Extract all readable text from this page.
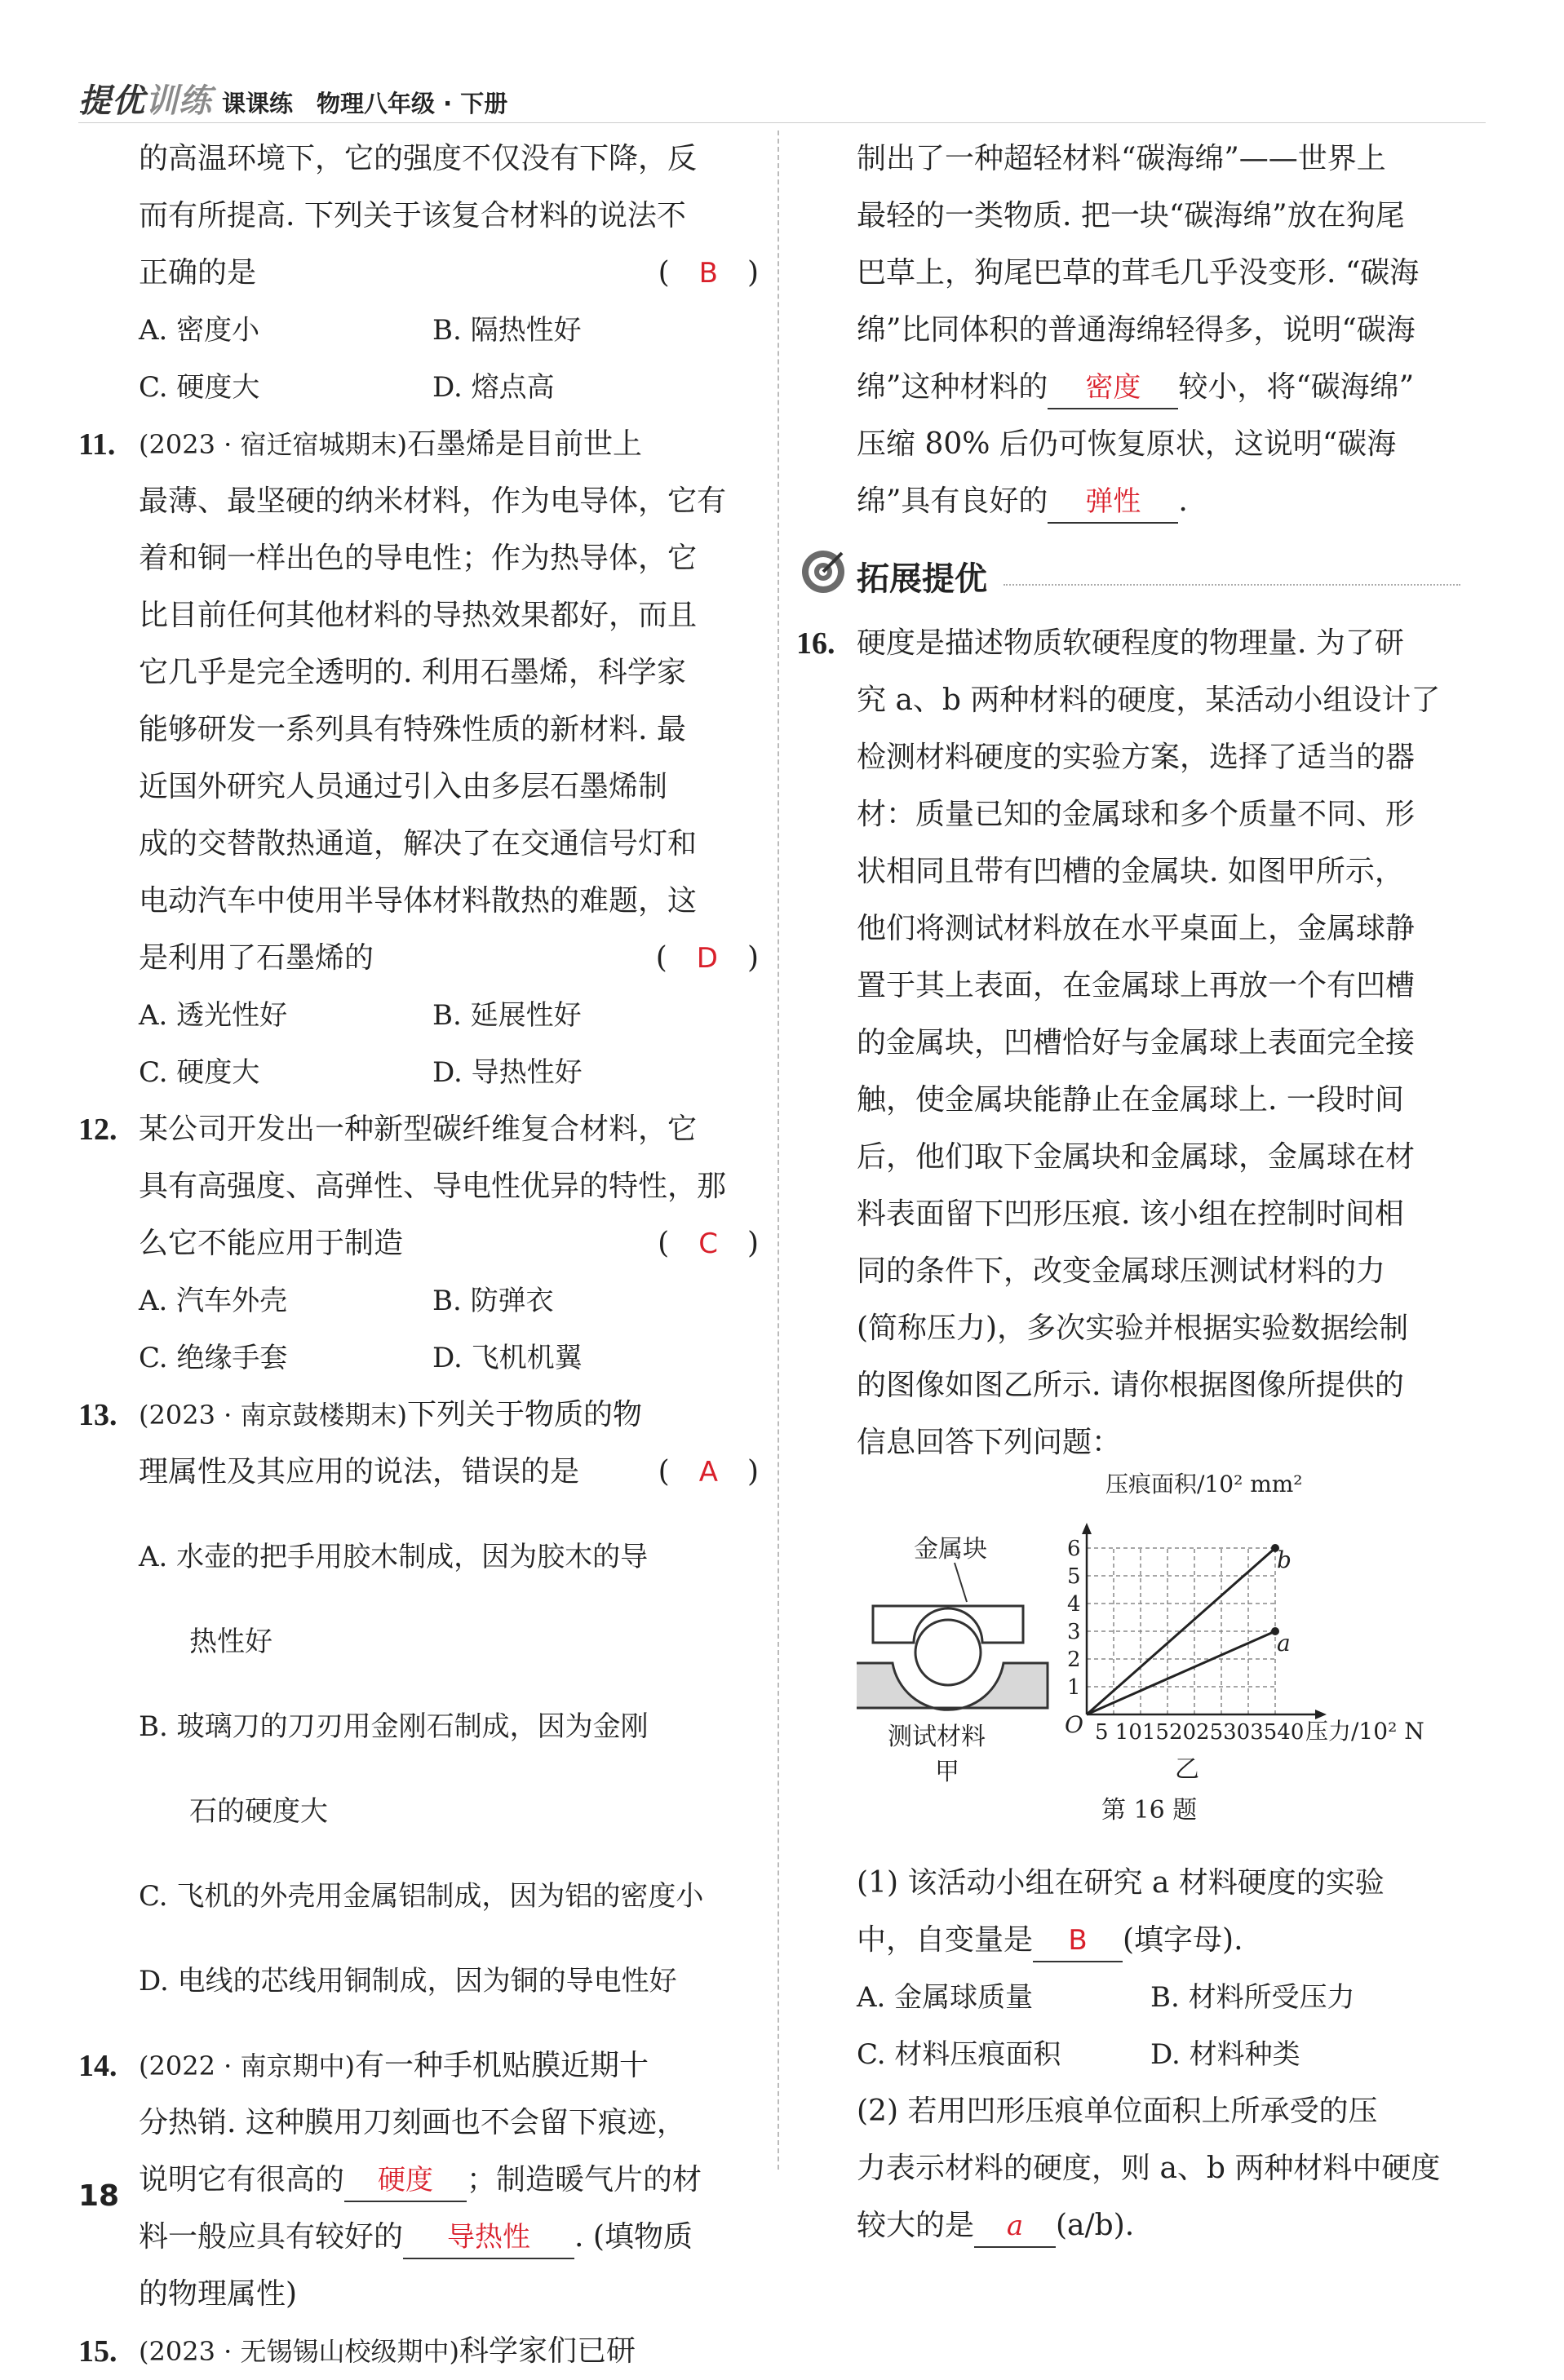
提优训练 课课练　物理八年级 · 下册

的高温环境下，它的强度不仅没有下降，反

而有所提高. 下列关于该复合材料的说法不

正确的是	(　B　)

A. 密度小	B. 隔热性好
C. 硬度大	D. 熔点高
11. (2023 · 宿迁宿城期末)石墨烯是目前世上

最薄、最坚硬的纳米材料，作为电导体，它有

着和铜一样出色的导电性；作为热导体，它

比目前任何其他材料的导热效果都好，而且

它几乎是完全透明的. 利用石墨烯，科学家

能够研发一系列具有特殊性质的新材料. 最

近国外研究人员通过引入由多层石墨烯制

成的交替散热通道，解决了在交通信号灯和

电动汽车中使用半导体材料散热的难题，这

是利用了石墨烯的	(　D　)

A. 透光性好	B. 延展性好
C. 硬度大	D. 导热性好
12. 某公司开发出一种新型碳纤维复合材料，它

具有高强度、高弹性、导电性优异的特性，那

么它不能应用于制造	(　C　)

A. 汽车外壳	B. 防弹衣
C. 绝缘手套	D. 飞机机翼
13. (2023 · 南京鼓楼期末)下列关于物质的物

理属性及其应用的说法，错误的是	(　A　)

A. 水壶的把手用胶木制成，因为胶木的导

热性好

B. 玻璃刀的刀刃用金刚石制成，因为金刚

石的硬度大

C. 飞机的外壳用金属铝制成，因为铝的密度小

D. 电线的芯线用铜制成，因为铜的导电性好

14. (2022 · 南京期中)有一种手机贴膜近期十

分热销. 这种膜用刀刻画也不会留下痕迹，

说明它有很高的 硬度 ；制造暖气片的材

料一般应具有较好的 导热性 . (填物质

的物理属性)

15. (2023 · 无锡锡山校级期中)科学家们已研

制出了一种超轻材料“碳海绵”——世界上

最轻的一类物质. 把一块“碳海绵”放在狗尾

巴草上，狗尾巴草的茸毛几乎没变形. “碳海

绵”比同体积的普通海绵轻得多，说明“碳海

绵”这种材料的 密度 较小，将“碳海绵”

压缩 80% 后仍可恢复原状，这说明“碳海

绵”具有良好的 弹性 .

拓展提优
16. 硬度是描述物质软硬程度的物理量. 为了研

究 a、b 两种材料的硬度，某活动小组设计了

检测材料硬度的实验方案，选择了适当的器

材：质量已知的金属球和多个质量不同、形

状相同且带有凹槽的金属块. 如图甲所示，

他们将测试材料放在水平桌面上，金属球静

置于其上表面，在金属球上再放一个有凹槽

的金属块，凹槽恰好与金属球上表面完全接

触，使金属块能静止在金属球上. 一段时间

后，他们取下金属块和金属球，金属球在材

料表面留下凹形压痕. 该小组在控制时间相

同的条件下，改变金属球压测试材料的力

(简称压力)，多次实验并根据实验数据绘制

的图像如图乙所示. 请你根据图像所提供的

信息回答下列问题：

金属块
测试材料
甲
压痕面积/10² mm²
O 5 10152025303540 压力/10² N
乙
1
2
3
4
5
6	b
a
第 16 题

(1) 该活动小组在研究 a 材料硬度的实验

中，自变量是 B (填字母).

A. 金属球质量	B. 材料所受压力
C. 材料压痕面积	D. 材料种类

(2) 若用凹形压痕单位面积上所承受的压

力表示材料的硬度，则 a、b 两种材料中硬度

较大的是 a (a/b).

18
